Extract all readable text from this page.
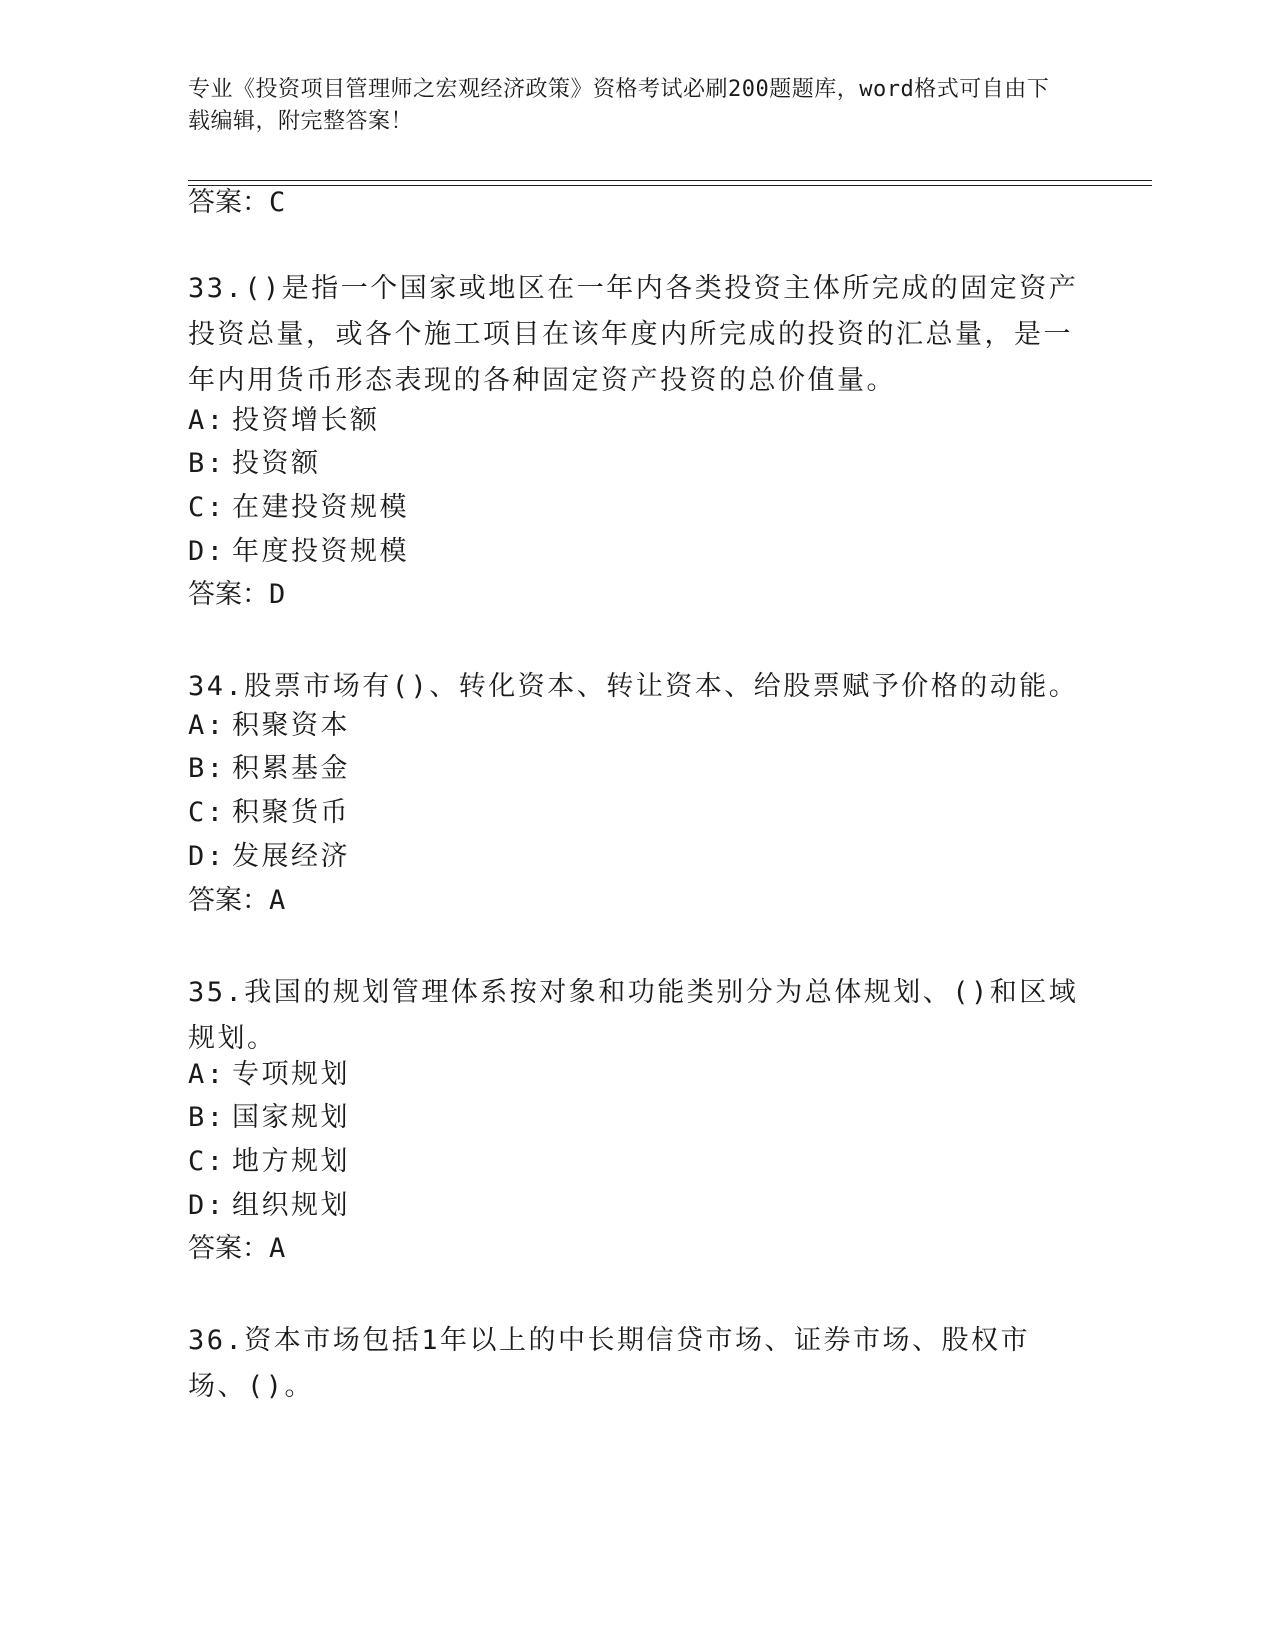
专业《投资项目管理师之宏观经济政策》资格考试必刷200题题库，word格式可自由下载编辑，附完整答案！
答案：C
33.()是指一个国家或地区在一年内各类投资主体所完成的固定资产投资总量，或各个施工项目在该年度内所完成的投资的汇总量，是一年内用货币形态表现的各种固定资产投资的总价值量。
A: 投资增长额
B: 投资额
C: 在建投资规模
D: 年度投资规模
答案：D
34.股票市场有()、转化资本、转让资本、给股票赋予价格的动能。
A: 积聚资本
B: 积累基金
C: 积聚货币
D: 发展经济
答案：A
35.我国的规划管理体系按对象和功能类别分为总体规划、()和区域规划。
A: 专项规划
B: 国家规划
C: 地方规划
D: 组织规划
答案：A
36.资本市场包括1年以上的中长期信贷市场、证券市场、股权市场、()。
